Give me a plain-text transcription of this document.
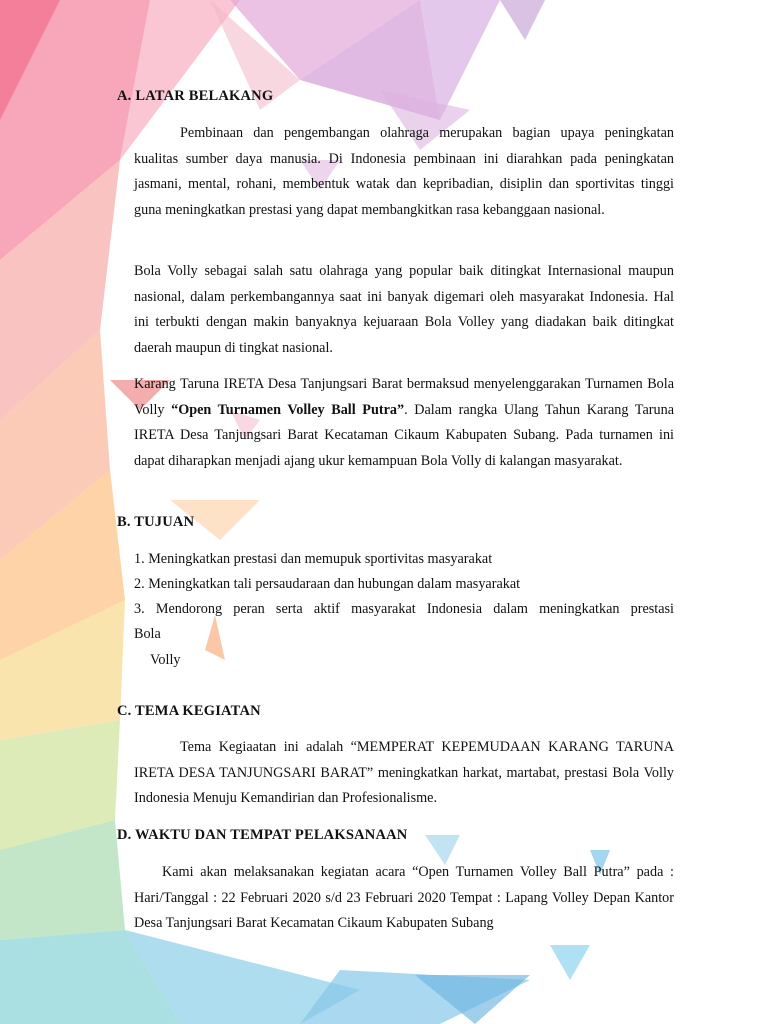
A. LATAR BELAKANG

Pembinaan dan pengembangan olahraga merupakan bagian upaya peningkatan kualitas sumber daya manusia. Di Indonesia pembinaan ini diarahkan pada peningkatan jasmani, mental, rohani, membentuk watak dan kepribadian, disiplin dan sportivitas tinggi guna meningkatkan prestasi yang dapat membangkitkan rasa kebanggaan nasional.

Bola Volly sebagai salah satu olahraga yang popular baik ditingkat Internasional maupun nasional, dalam perkembangannya saat ini banyak digemari oleh masyarakat Indonesia. Hal ini terbukti dengan makin banyaknya kejuaraan Bola Volley yang diadakan baik ditingkat daerah maupun di tingkat nasional.

Karang Taruna IRETA Desa Tanjungsari Barat bermaksud menyelenggarakan Turnamen Bola Volly “Open Turnamen Volley Ball Putra”. Dalam rangka Ulang Tahun Karang Taruna IRETA Desa Tanjungsari Barat Kecataman Cikaum Kabupaten Subang. Pada turnamen ini dapat diharapkan menjadi ajang ukur kemampuan Bola Volly di kalangan masyarakat.

B. TUJUAN
1. Meningkatkan prestasi dan memupuk sportivitas masyarakat
2. Meningkatkan tali persaudaraan dan hubungan dalam masyarakat
3. Mendorong peran serta aktif masyarakat Indonesia dalam meningkatkan prestasi
Bola
Volly
C. TEMA KEGIATAN

Tema Kegiaatan ini adalah “MEMPERAT KEPEMUDAAN KARANG TARUNA IRETA DESA TANJUNGSARI BARAT” meningkatkan harkat, martabat, prestasi Bola Volly Indonesia Menuju Kemandirian dan Profesionalisme.

D. WAKTU DAN TEMPAT PELAKSANAAN

Kami akan melaksanakan kegiatan acara “Open Turnamen Volley Ball Putra” pada : Hari/Tanggal : 22 Februari 2020 s/d 23 Februari 2020 Tempat : Lapang Volley Depan Kantor Desa Tanjungsari Barat Kecamatan Cikaum Kabupaten Subang
